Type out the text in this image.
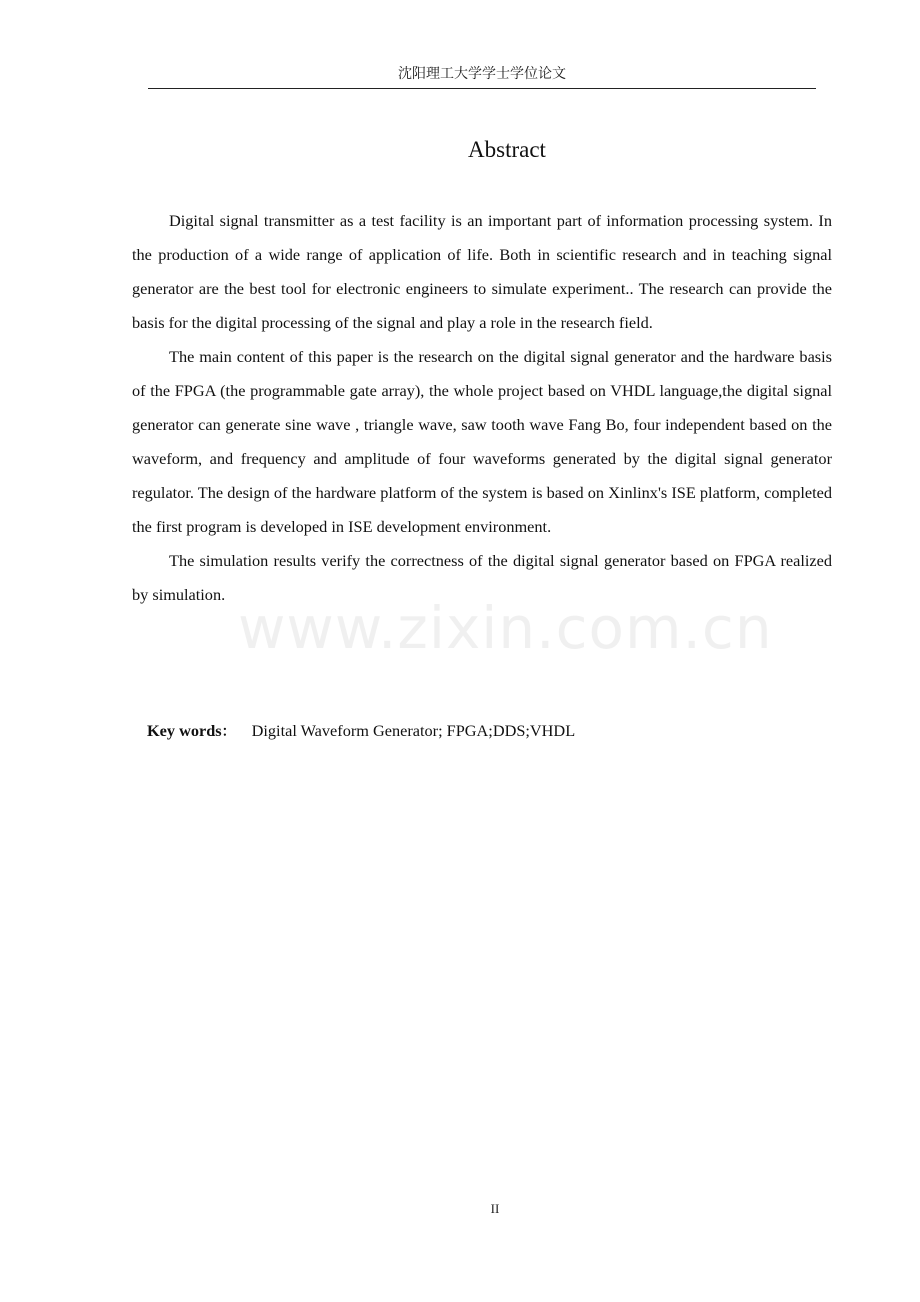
沈阳理工大学学士学位论文
Abstract

Digital signal transmitter as a test facility is an important part of information processing system. In the production of a wide range of application of life. Both in scientific research and in teaching signal generator are the best tool for electronic engineers to simulate experiment.. The research can provide the basis for the digital processing of the signal and play a role in the research field.

The main content of this paper is the research on the digital signal generator and the hardware basis of the FPGA (the programmable gate array), the whole project based on VHDL language,the digital signal generator can generate sine wave , triangle wave, saw tooth wave Fang Bo, four independent based on the waveform, and frequency and amplitude of four waveforms generated by the digital signal generator regulator. The design of the hardware platform of the system is based on Xinlinx's ISE platform, completed the first program is developed in ISE development environment.

The simulation results verify the correctness of the digital signal generator based on FPGA realized by simulation.

Key words： Digital Waveform Generator; FPGA;DDS;VHDL
www.zixin.com.cn
II
